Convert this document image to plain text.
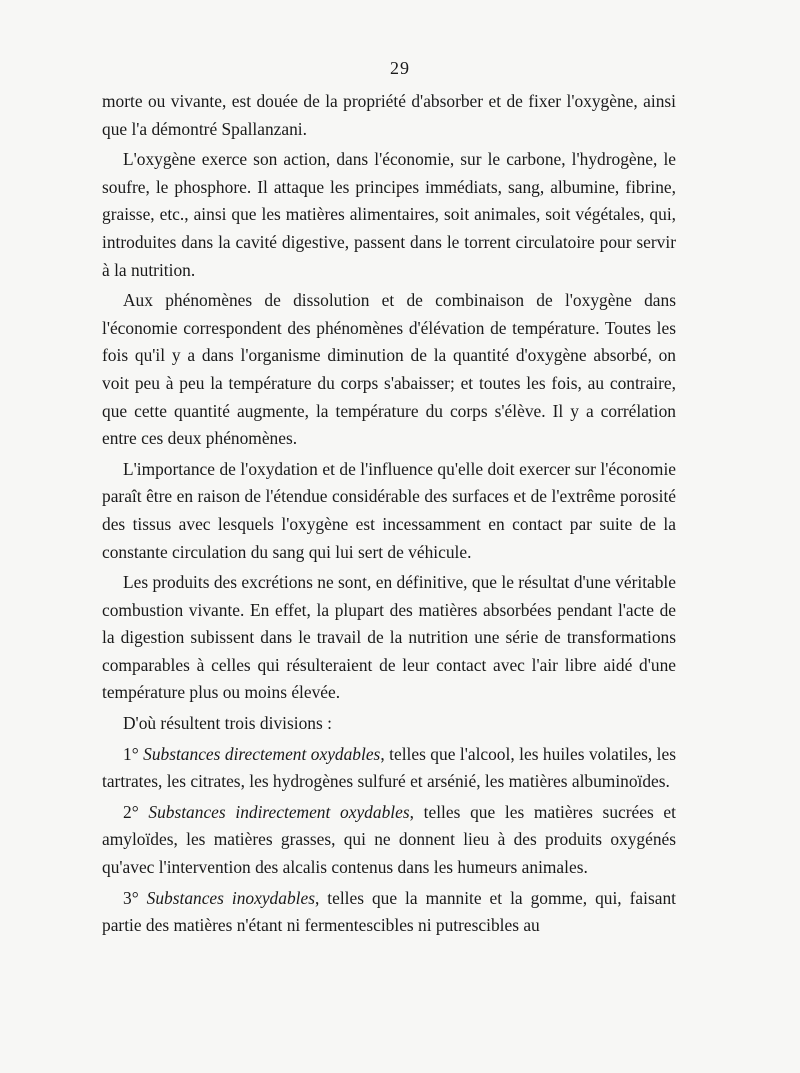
29

morte ou vivante, est douée de la propriété d'absorber et de fixer l'oxygène, ainsi que l'a démontré Spallanzani.

L'oxygène exerce son action, dans l'économie, sur le carbone, l'hydrogène, le soufre, le phosphore. Il attaque les principes immédiats, sang, albumine, fibrine, graisse, etc., ainsi que les matières alimentaires, soit animales, soit végétales, qui, introduites dans la cavité digestive, passent dans le torrent circulatoire pour servir à la nutrition.

Aux phénomènes de dissolution et de combinaison de l'oxygène dans l'économie correspondent des phénomènes d'élévation de température. Toutes les fois qu'il y a dans l'organisme diminution de la quantité d'oxygène absorbé, on voit peu à peu la température du corps s'abaisser; et toutes les fois, au contraire, que cette quantité augmente, la température du corps s'élève. Il y a corrélation entre ces deux phénomènes.

L'importance de l'oxydation et de l'influence qu'elle doit exercer sur l'économie paraît être en raison de l'étendue considérable des surfaces et de l'extrême porosité des tissus avec lesquels l'oxygène est incessamment en contact par suite de la constante circulation du sang qui lui sert de véhicule.

Les produits des excrétions ne sont, en définitive, que le résultat d'une véritable combustion vivante. En effet, la plupart des matières absorbées pendant l'acte de la digestion subissent dans le travail de la nutrition une série de transformations comparables à celles qui résulteraient de leur contact avec l'air libre aidé d'une température plus ou moins élevée.

D'où résultent trois divisions :

1° Substances directement oxydables, telles que l'alcool, les huiles volatiles, les tartrates, les citrates, les hydrogènes sulfuré et arsénié, les matières albuminoïdes.

2° Substances indirectement oxydables, telles que les matières sucrées et amyloïdes, les matières grasses, qui ne donnent lieu à des produits oxygénés qu'avec l'intervention des alcalis contenus dans les humeurs animales.

3° Substances inoxydables, telles que la mannite et la gomme, qui, faisant partie des matières n'étant ni fermentescibles ni putrescibles au
